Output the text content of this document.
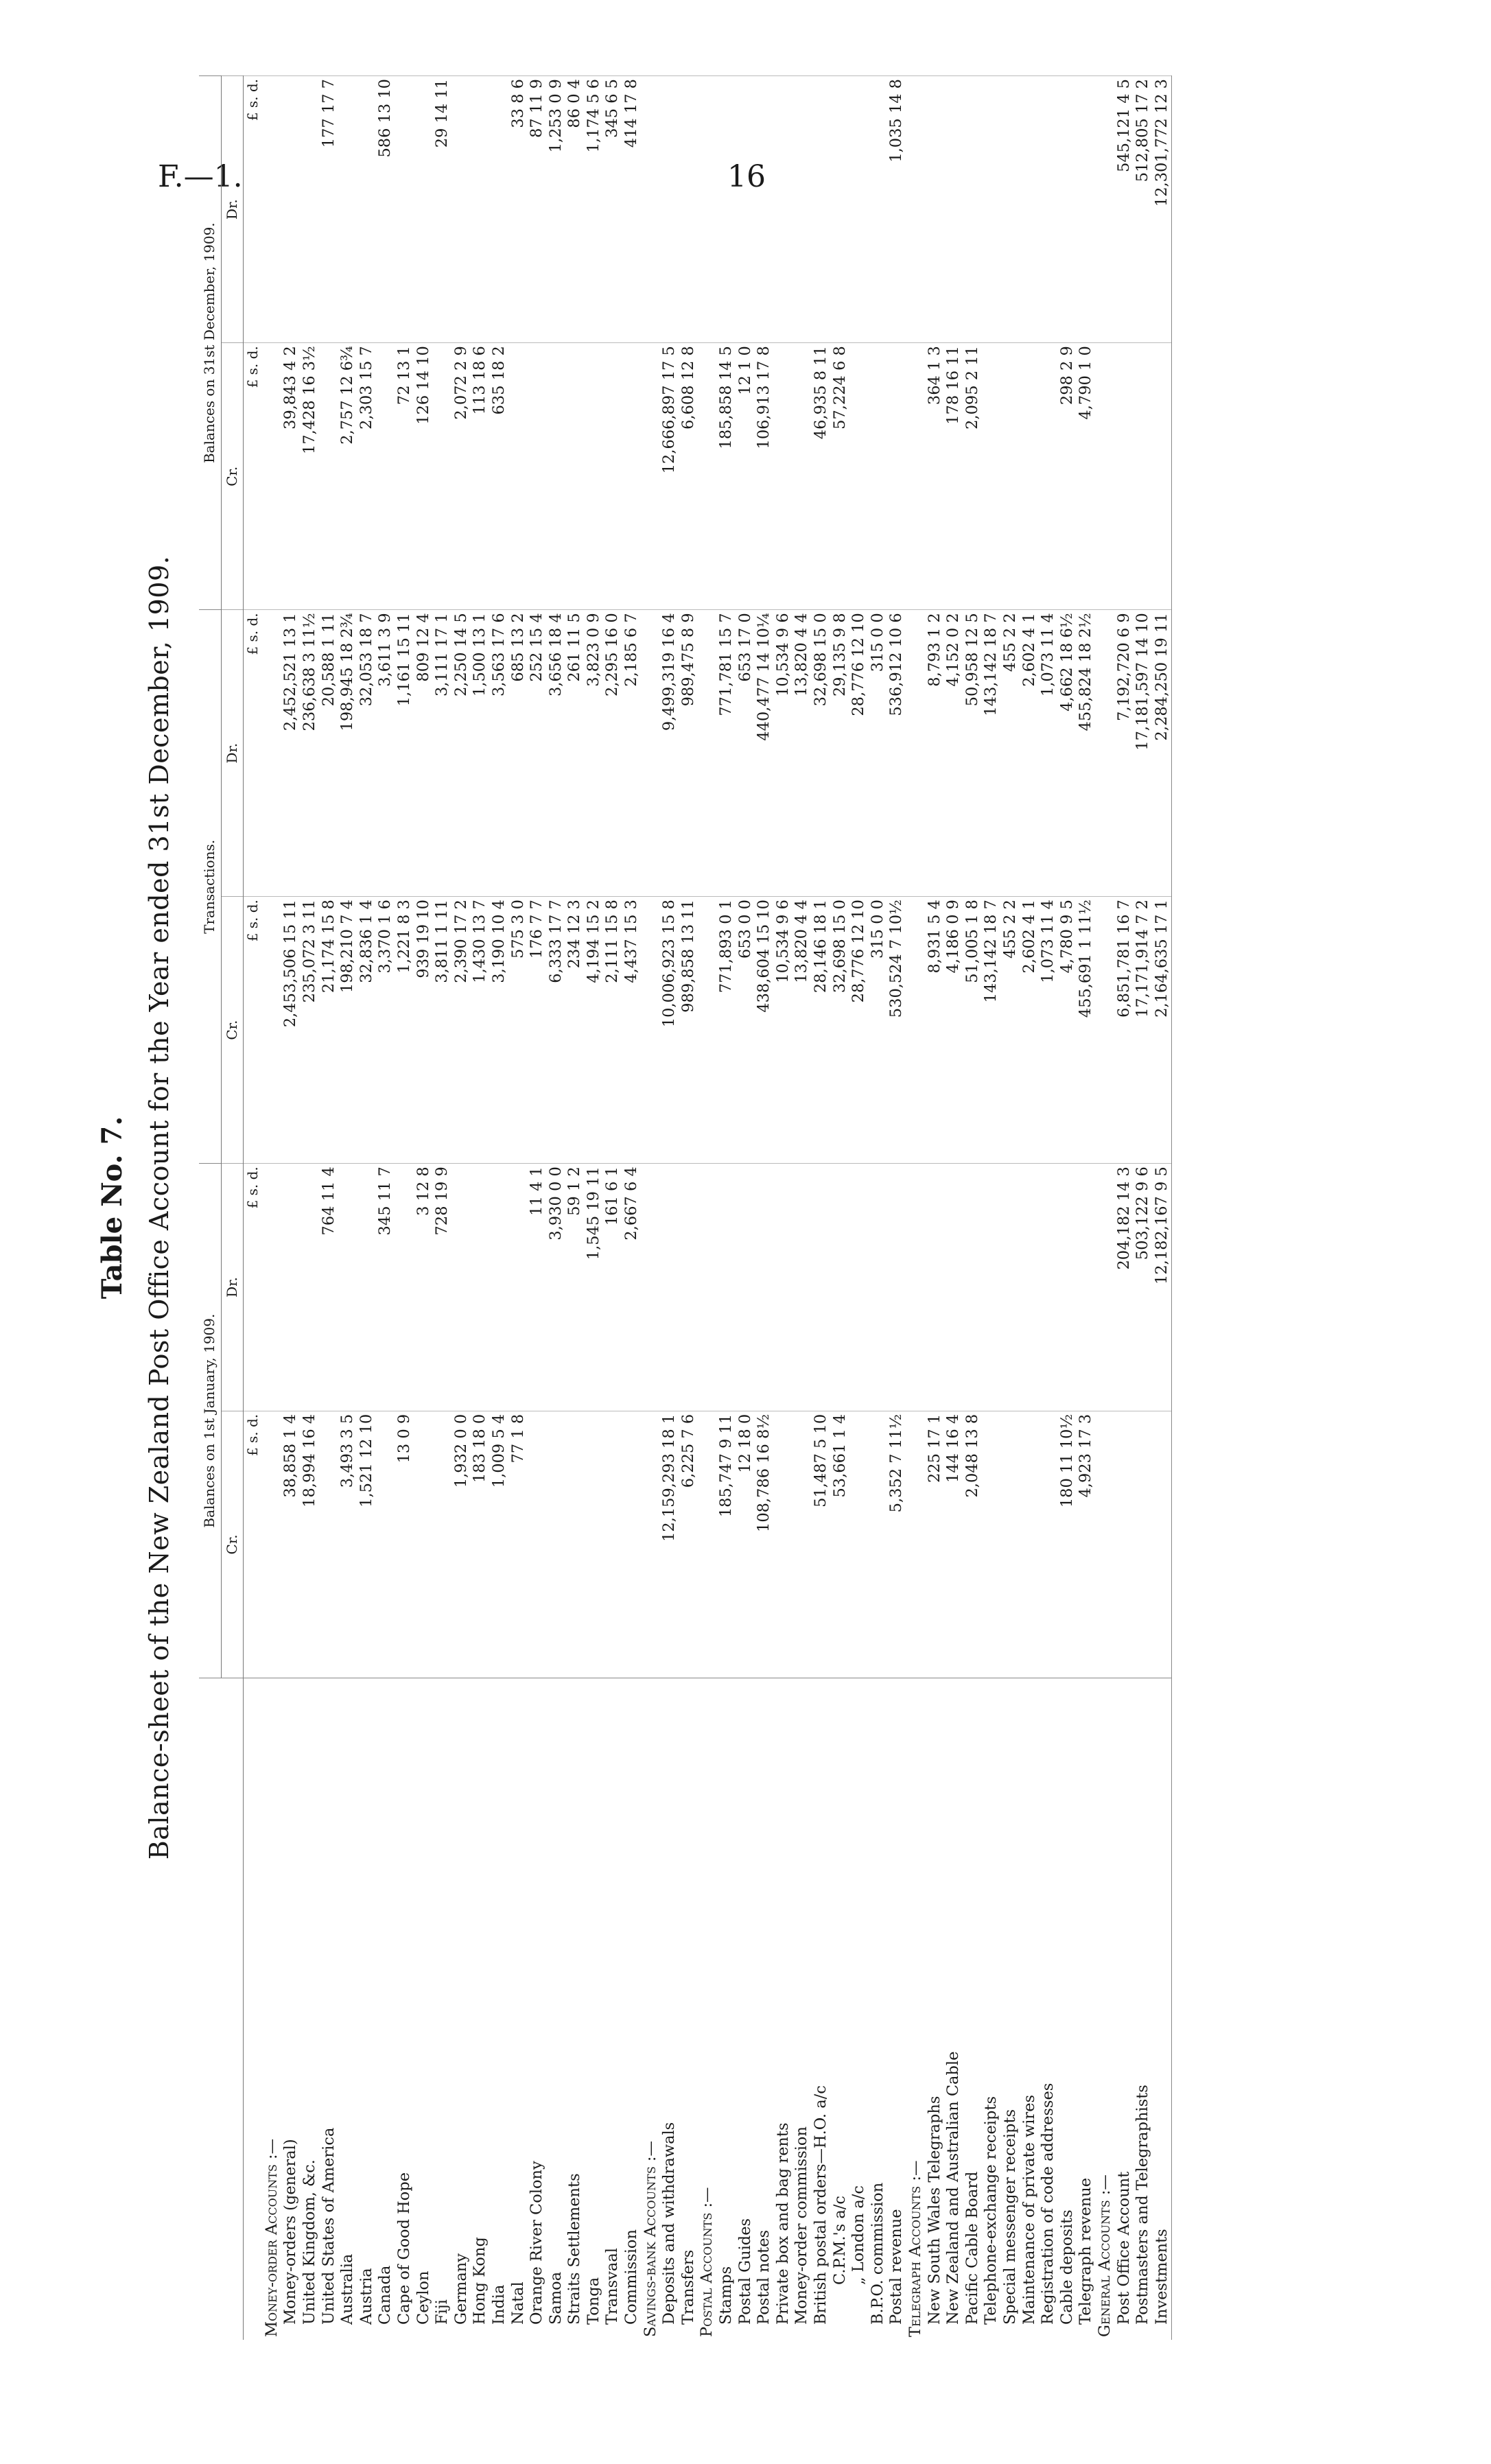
F.—1.	16
Table No. 7. Balance-sheet of the New Zealand Post Office Account for the Year ended 31st December, 1909.
	Balances on 1st January, 1909.		Transactions.		Balances on 31st December, 1909.	
	Cr.	Dr.	Cr.	Dr.	Cr.	Dr.
	£ s. d.	£ s. d.	£ s. d.	£ s. d.	£ s. d.	£ s. d.
Money-order Accounts :—						
Money-orders (general)	38,858 1 4		2,453,506 15 11	2,452,521 13 1	39,843 4 2	
United Kingdom, &c.	18,994 16 4		235,072 3 11	236,638 3 11½	17,428 16 3½	
United States of America		764 11 4	21,174 15 8	20,588 1 11		177 17 7
Australia	3,493 3 5		198,210 7 4	198,945 18 2¾	2,757 12 6¾	
Austria	1,521 12 10		32,836 1 4	32,053 18 7	2,303 15 7	
Canada		345 11 7	3,370 1 6	3,611 3 9		586 13 10
Cape of Good Hope	13 0 9		1,221 8 3	1,161 15 11	72 13 1	
Ceylon		3 12 8	939 19 10	809 12 4	126 14 10	
Fiji		728 19 9	3,811 1 11	3,111 17 1		29 14 11
Germany	1,932 0 0		2,390 17 2	2,250 14 5	2,072 2 9	
Hong Kong	183 18 0		1,430 13 7	1,500 13 1	113 18 6	
India	1,009 5 4		3,190 10 4	3,563 17 6	635 18 2	
Natal	77 1 8		575 3 0	685 13 2		33 8 6
Orange River Colony		11 4 1	176 7 7	252 15 4		87 11 9
Samoa		3,930 0 0	6,333 17 7	3,656 18 4		1,253 0 9
Straits Settlements		59 1 2	234 12 3	261 11 5		86 0 4
Tonga		1,545 19 11	4,194 15 2	3,823 0 9		1,174 5 6
Transvaal		161 6 1	2,111 15 8	2,295 16 0		345 6 5
Commission		2,667 6 4	4,437 15 3	2,185 6 7		414 17 8
Savings-bank Accounts :—						
Deposits and withdrawals	12,159,293 18 1		10,006,923 15 8	9,499,319 16 4	12,666,897 17 5	
Transfers	6,225 7 6		989,858 13 11	989,475 8 9	6,608 12 8	
Postal Accounts :—						
Stamps	185,747 9 11		771,893 0 1	771,781 15 7	185,858 14 5	
Postal Guides	12 18 0		653 0 0	653 17 0	12 1 0	
Postal notes	108,786 16 8½		438,604 15 10	440,477 14 10¼	106,913 17 8	
Private box and bag rents			10,534 9 6	10,534 9 6		
Money-order commission			13,820 4 4	13,820 4 4		
British postal orders—H.O. a/c	51,487 5 10		28,146 18 1	32,698 15 0	46,935 8 11	
C.P.M.'s a/c	53,661 1 4		32,698 15 0	29,135 9 8	57,224 6 8	
„ London a/c			28,776 12 10	28,776 12 10		
B.P.O. commission			315 0 0	315 0 0		
Postal revenue	5,352 7 11½		530,524 7 10½	536,912 10 6		1,035 14 8
Telegraph Accounts :—						
New South Wales Telegraphs	225 17 1		8,931 5 4	8,793 1 2	364 1 3	
New Zealand and Australian Cable	144 16 4		4,186 0 9	4,152 0 2	178 16 11	
Pacific Cable Board	2,048 13 8		51,005 1 8	50,958 12 5	2,095 2 11	
Telephone-exchange receipts			143,142 18 7	143,142 18 7		
Special messenger receipts			455 2 2	455 2 2		
Maintenance of private wires			2,602 4 1	2,602 4 1		
Registration of code addresses			1,073 11 4	1,073 11 4		
Cable deposits	180 11 10½		4,780 9 5	4,662 18 6½	298 2 9	
Telegraph revenue	4,923 17 3		455,691 1 11½	455,824 18 2½	4,790 1 0	
General Accounts :—						
Post Office Account		204,182 14 3	6,851,781 16 7	7,192,720 6 9		545,121 4 5
Postmasters and Telegraphists		503,122 9 6	17,171,914 7 2	17,181,597 14 10		512,805 17 2
Investments		12,182,167 9 5	2,164,635 17 1	2,284,250 19 11		12,301,772 12 3
